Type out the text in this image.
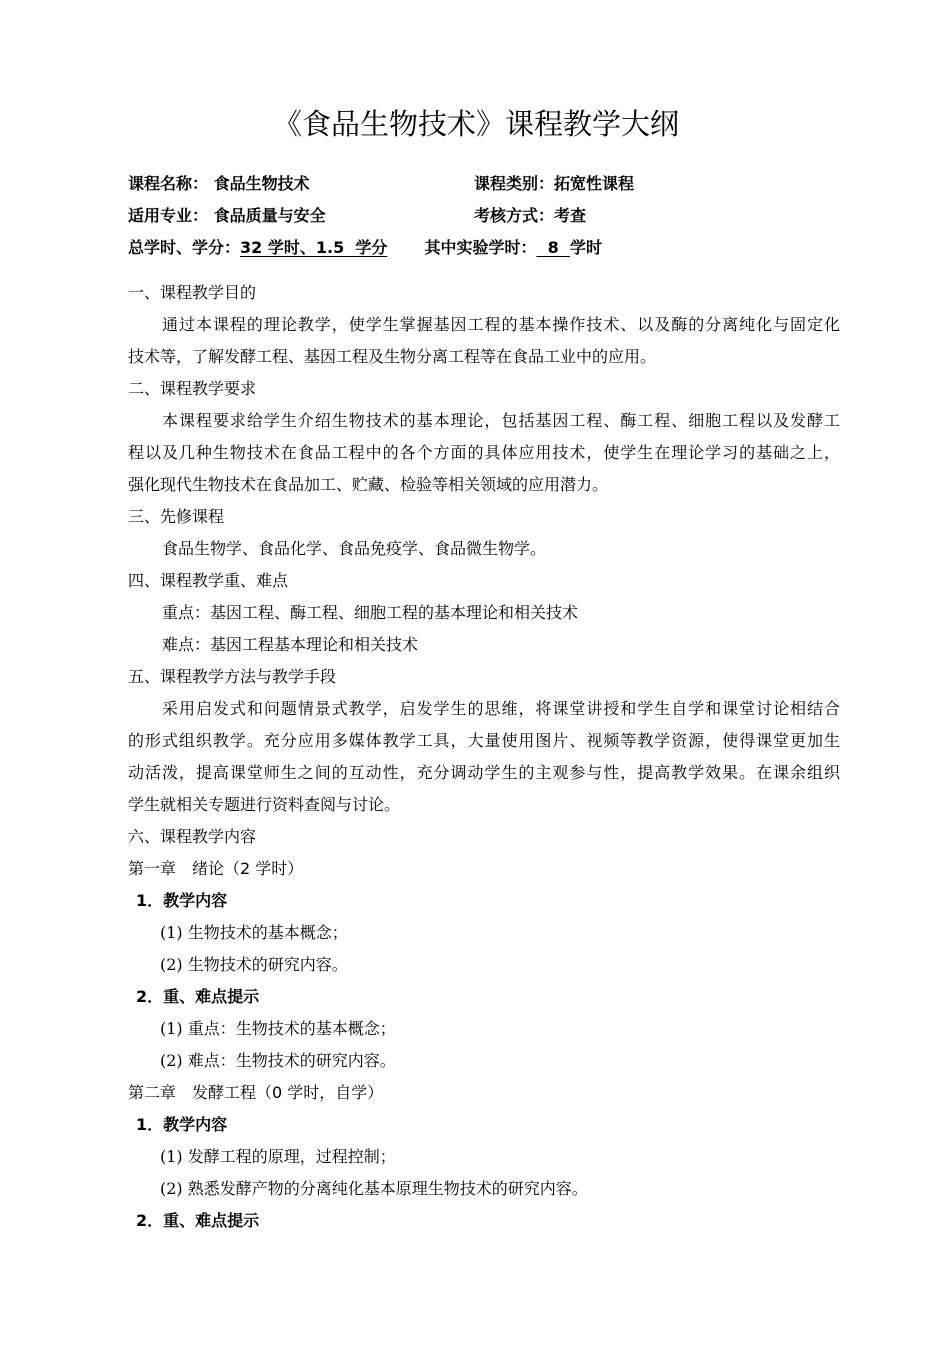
《食品生物技术》课程教学大纲
课程名称： 食品生物技术	课程类别：拓宽性课程
适用专业： 食品质量与安全	考核方式：考查
总学时、学分：32 学时、1.5  学分 其中实验学时：  8  学时
一、课程教学目的
通过本课程的理论教学，使学生掌握基因工程的基本操作技术、以及酶的分离纯化与固定化
技术等，了解发酵工程、基因工程及生物分离工程等在食品工业中的应用。
二、课程教学要求
本课程要求给学生介绍生物技术的基本理论，包括基因工程、酶工程、细胞工程以及发酵工
程以及几种生物技术在食品工程中的各个方面的具体应用技术，使学生在理论学习的基础之上，
强化现代生物技术在食品加工、贮藏、检验等相关领域的应用潜力。
三、先修课程
食品生物学、食品化学、食品免疫学、食品微生物学。
四、课程教学重、难点
重点：基因工程、酶工程、细胞工程的基本理论和相关技术
难点：基因工程基本理论和相关技术
五、课程教学方法与教学手段
采用启发式和问题情景式教学，启发学生的思维，将课堂讲授和学生自学和课堂讨论相结合
的形式组织教学。充分应用多媒体教学工具，大量使用图片、视频等教学资源，使得课堂更加生
动活泼，提高课堂师生之间的互动性，充分调动学生的主观参与性，提高教学效果。在课余组织
学生就相关专题进行资料查阅与讨论。
六、课程教学内容
第一章　绪论（2 学时）
1．教学内容
(1) 生物技术的基本概念；
(2) 生物技术的研究内容。
2．重、难点提示
(1) 重点：生物技术的基本概念；
(2) 难点：生物技术的研究内容。
第二章　发酵工程（0 学时，自学）
1．教学内容
(1) 发酵工程的原理，过程控制；
(2) 熟悉发酵产物的分离纯化基本原理生物技术的研究内容。
2．重、难点提示
